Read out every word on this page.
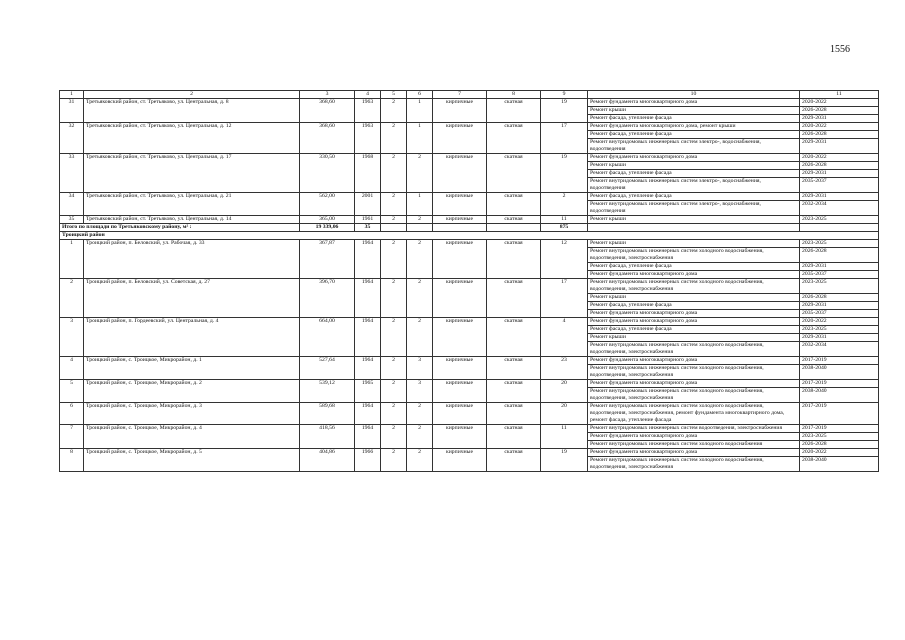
1556
1	2	3	4	5	6	7	8	9	10	11
31	Третьяковский район, ст. Третьяково, ул. Центральная, д. 8	368,60	1963	2	1	кирпичные	скатная	19	Ремонт фундамента многоквартирного дома	2020-2022
									Ремонт крыши	2026-2028
									Ремонт фасада, утепление фасада	2029-2031
32	Третьяковский район, ст. Третьяково, ул. Центральная, д. 12	368,60	1963	2	1	кирпичные	скатная	17	Ремонт фундамента многоквартирного дома, ремонт крыши	2020-2022
									Ремонт фасада, утепление фасада	2026-2028
									Ремонт внутридомовых инженерных систем электро-, водоснабжения, водоотведения	2029-2031
33	Третьяковский район, ст. Третьяково, ул. Центральная, д. 17	330,50	1968	2	2	кирпичные	скатная	19	Ремонт фундамента многоквартирного дома	2020-2022
									Ремонт крыши	2026-2028
									Ремонт фасада, утепление фасада	2029-2031
									Ремонт внутридомовых инженерных систем электро-, водоснабжения, водоотведения	2035-2037
34	Третьяковский район, ст. Третьяково, ул. Центральная, д. 21	562,00	2001	2	1	кирпичные	скатная	2	Ремонт фасада, утепление фасада	2029-2031
									Ремонт внутридомовых инженерных систем электро-, водоснабжения, водоотведения	2032-2034
35	Третьяковский район, ст. Третьяково, ул. Центральная, д. 14	365,00	1961	2	2	кирпичные	скатная	11	Ремонт крыши	2023-2025
Итого по площади по Третьяковскому району, м² :		19 339,06	35					875		
Троицкий район										
1	Троицкий район, п. Беловский, ул. Рабочая, д. 33	367,87	1964	2	2	кирпичные	скатная	12	Ремонт крыши	2023-2025
									Ремонт внутридомовых инженерных систем холодного водоснабжения, водоотведения, электроснабжения	2026-2028
									Ремонт фасада, утепление фасада	2029-2031
									Ремонт фундамента многоквартирного дома	2035-2037
2	Троицкий район, п. Беловский, ул. Советская, д. 27	396,70	1964	2	2	кирпичные	скатная	17	Ремонт внутридомовых инженерных систем холодного водоснабжения, водоотведения, электроснабжения	2023-2025
									Ремонт крыши	2026-2028
									Ремонт фасада, утепление фасада	2029-2031
									Ремонт фундамента многоквартирного дома	2035-2037
3	Троицкий район, п. Гордеевский, ул. Центральная, д. 4	664,00	1964	2	2	кирпичные	скатная	4	Ремонт фундамента многоквартирного дома	2020-2022
									Ремонт фасада, утепление фасада	2023-2025
									Ремонт крыши	2029-2031
									Ремонт внутридомовых инженерных систем холодного водоснабжения, водоотведения, электроснабжения	2032-2034
4	Троицкий район, с. Троицкое, Микрорайон, д. 1	527,64	1964	2	3	кирпичные	скатная	23	Ремонт фундамента многоквартирного дома	2017-2019
									Ремонт внутридомовых инженерных систем холодного водоснабжения, водоотведения, электроснабжения	2038-2040
5	Троицкий район, с. Троицкое, Микрорайон, д. 2	539,12	1965	2	3	кирпичные	скатная	20	Ремонт фундамента многоквартирного дома	2017-2019
									Ремонт внутридомовых инженерных систем холодного водоснабжения, водоотведения, электроснабжения	2038-2040
6	Троицкий район, с. Троицкое, Микрорайон, д. 3	589,68	1964	2	2	кирпичные	скатная	20	Ремонт внутридомовых инженерных систем холодного водоснабжения, водоотведения, электроснабжения, ремонт фундамента многоквартирного дома, ремонт фасада, утепление фасада	2017-2019
7	Троицкий район, с. Троицкое, Микрорайон, д. 4	418,56	1964	2	2	кирпичные	скатная	11	Ремонт внутридомовых инженерных систем водоотведения, электроснабжения	2017-2019
									Ремонт фундамента многоквартирного дома	2023-2025
									Ремонт внутридомовых инженерных систем холодного водоснабжения	2026-2028
8	Троицкий район, с. Троицкое, Микрорайон, д. 5	404,86	1966	2	2	кирпичные	скатная	19	Ремонт фундамента многоквартирного дома	2020-2022
									Ремонт внутридомовых инженерных систем холодного водоснабжения, водоотведения, электроснабжения	2038-2040
